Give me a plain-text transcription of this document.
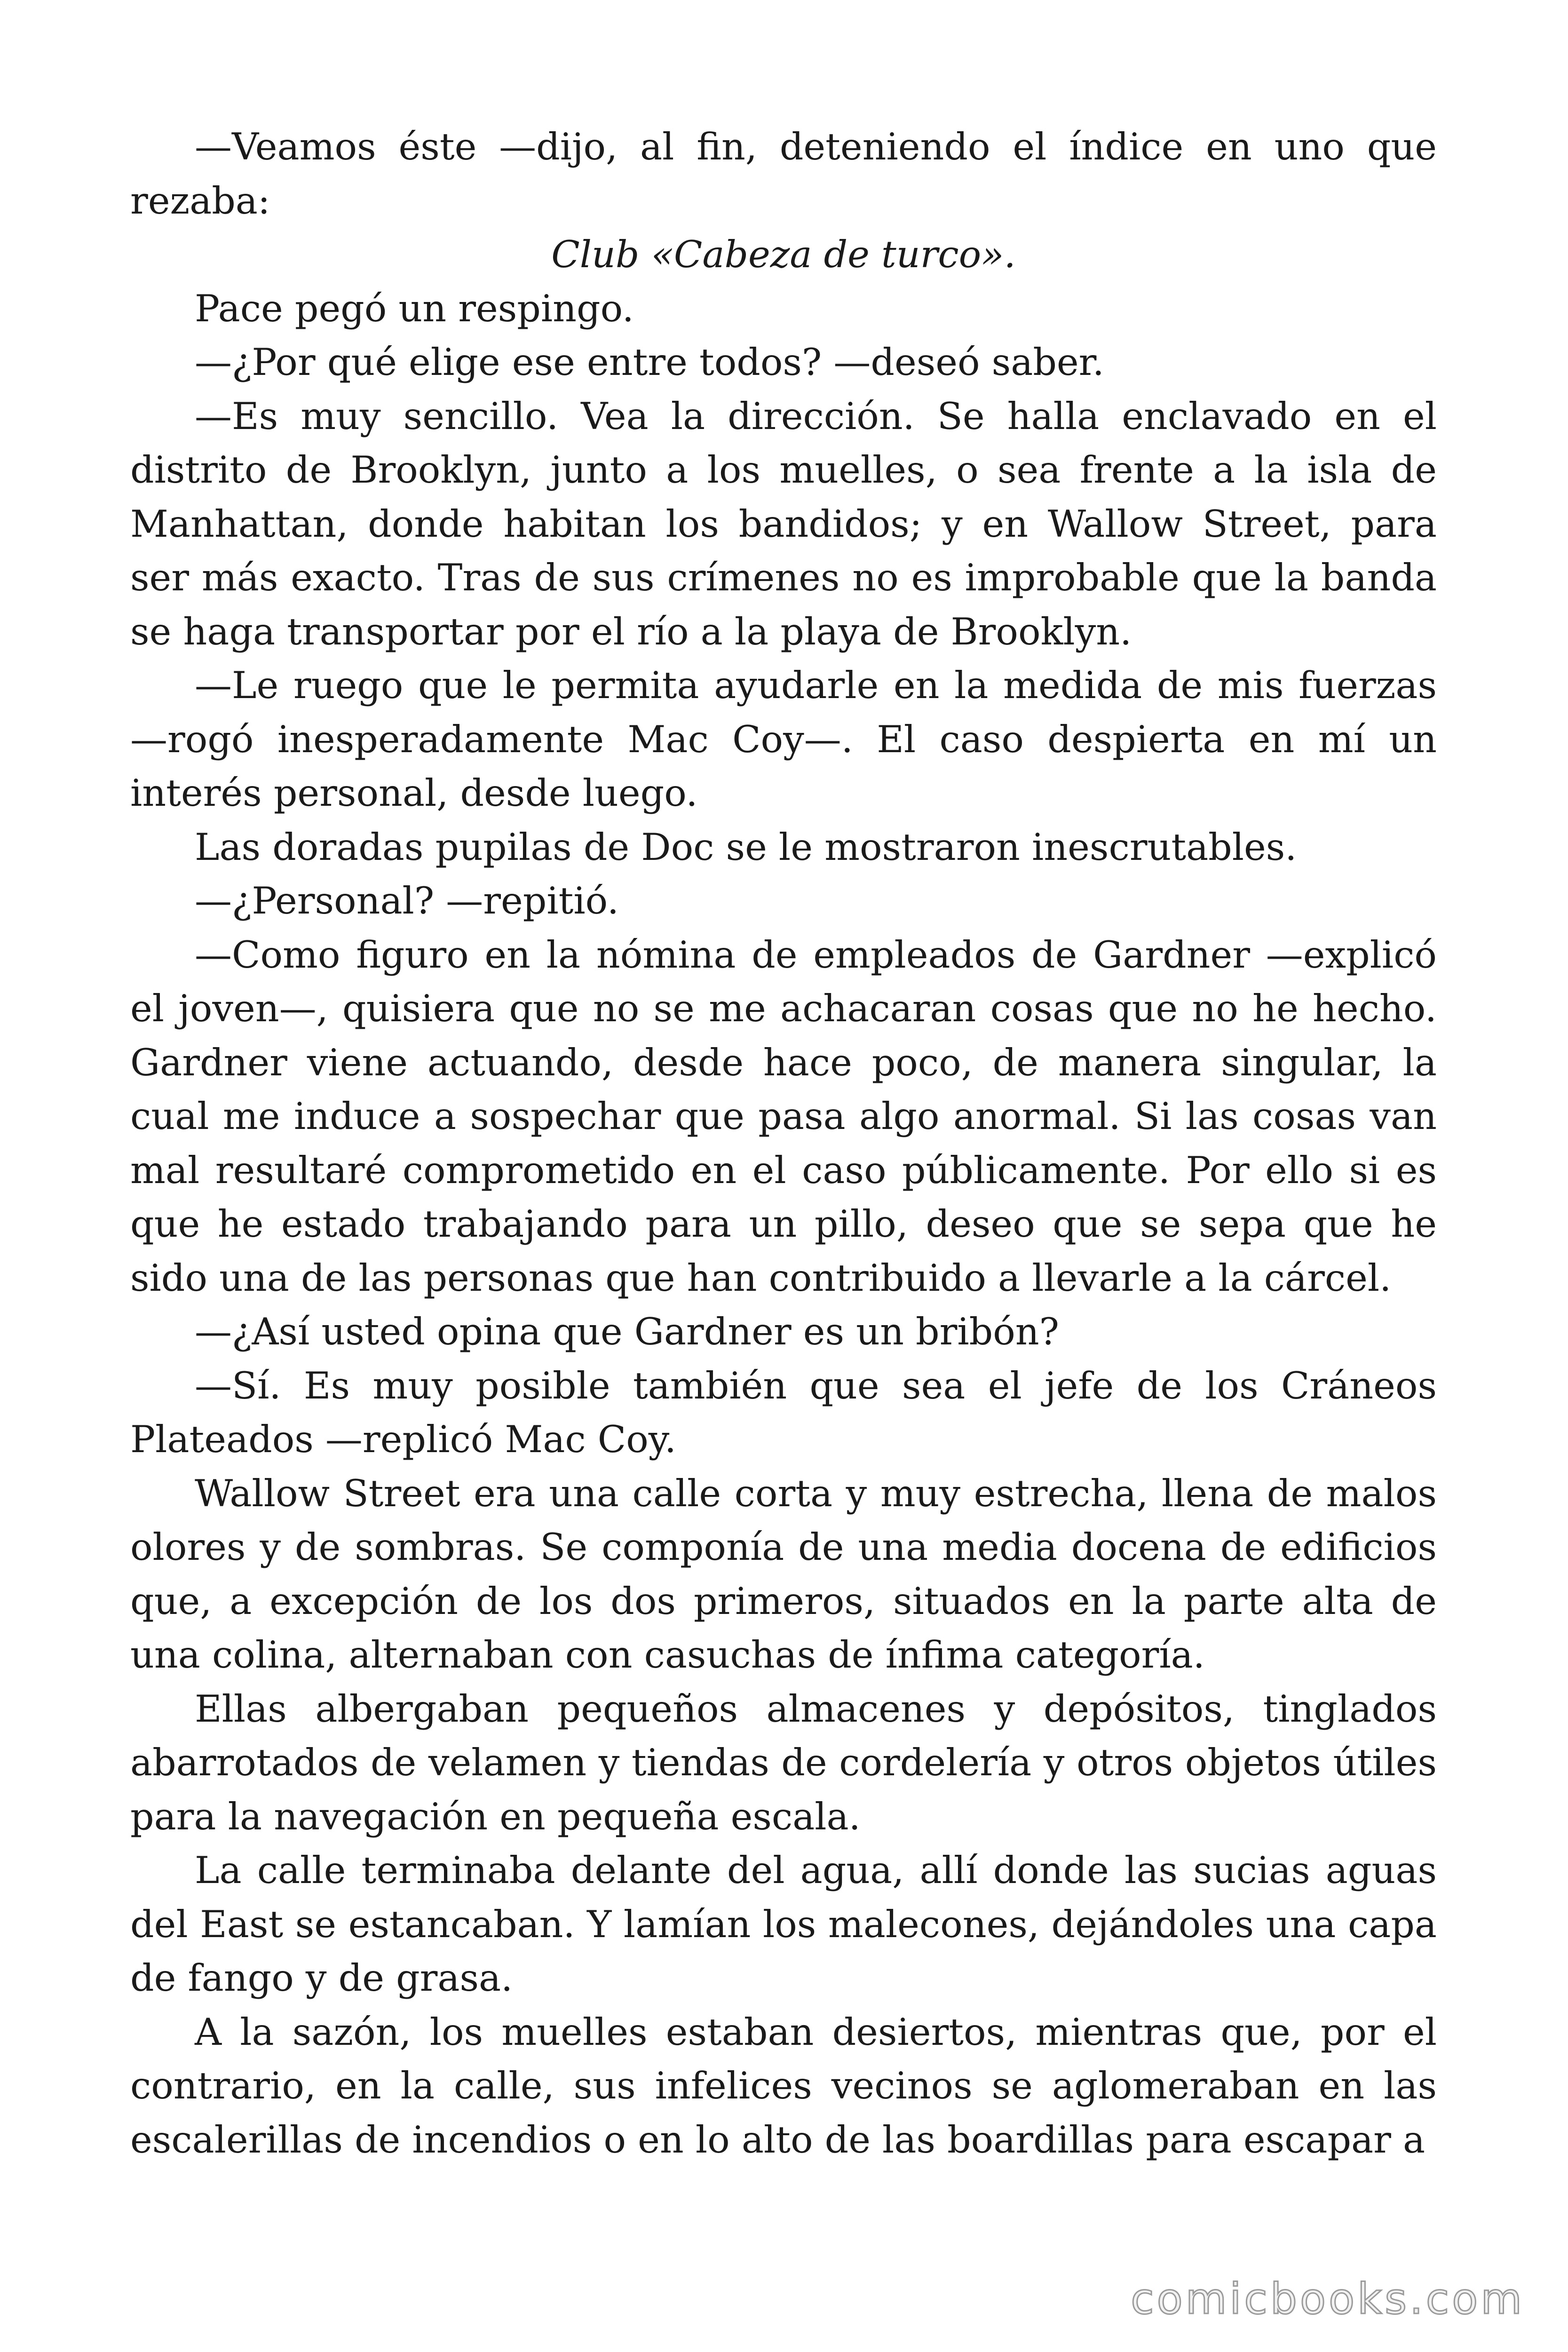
—Veamos éste —dijo, al fin, deteniendo el índice en uno que rezaba:

Club «Cabeza de turco».

Pace pegó un respingo.

—¿Por qué elige ese entre todos? —deseó saber.

—Es muy sencillo. Vea la dirección. Se halla enclavado en el distrito de Brooklyn, junto a los muelles, o sea frente a la isla de Manhattan, donde habitan los bandidos; y en Wallow Street, para ser más exacto. Tras de sus crímenes no es improbable que la banda se haga transportar por el río a la playa de Brooklyn.

—Le ruego que le permita ayudarle en la medida de mis fuerzas —rogó inesperadamente Mac Coy—. El caso despierta en mí un interés personal, desde luego.

Las doradas pupilas de Doc se le mostraron inescrutables.

—¿Personal? —repitió.

—Como figuro en la nómina de empleados de Gardner —explicó el joven—, quisiera que no se me achacaran cosas que no he hecho. Gardner viene actuando, desde hace poco, de manera singular, la cual me induce a sospechar que pasa algo anormal. Si las cosas van mal resultaré comprometido en el caso públicamente. Por ello si es que he estado trabajando para un pillo, deseo que se sepa que he sido una de las personas que han contribuido a llevarle a la cárcel.

—¿Así usted opina que Gardner es un bribón?

—Sí. Es muy posible también que sea el jefe de los Cráneos Plateados —replicó Mac Coy.

Wallow Street era una calle corta y muy estrecha, llena de malos olores y de sombras. Se componía de una media docena de edificios que, a excepción de los dos primeros, situados en la parte alta de una colina, alternaban con casuchas de ínfima categoría.

Ellas albergaban pequeños almacenes y depósitos, tinglados abarrotados de velamen y tiendas de cordelería y otros objetos útiles para la navegación en pequeña escala.

La calle terminaba delante del agua, allí donde las sucias aguas del East se estancaban. Y lamían los malecones, dejándoles una capa de fango y de grasa.

A la sazón, los muelles estaban desiertos, mientras que, por el contrario, en la calle, sus infelices vecinos se aglomeraban en las escalerillas de incendios o en lo alto de las boardillas para escapar a

comicbooks.com
